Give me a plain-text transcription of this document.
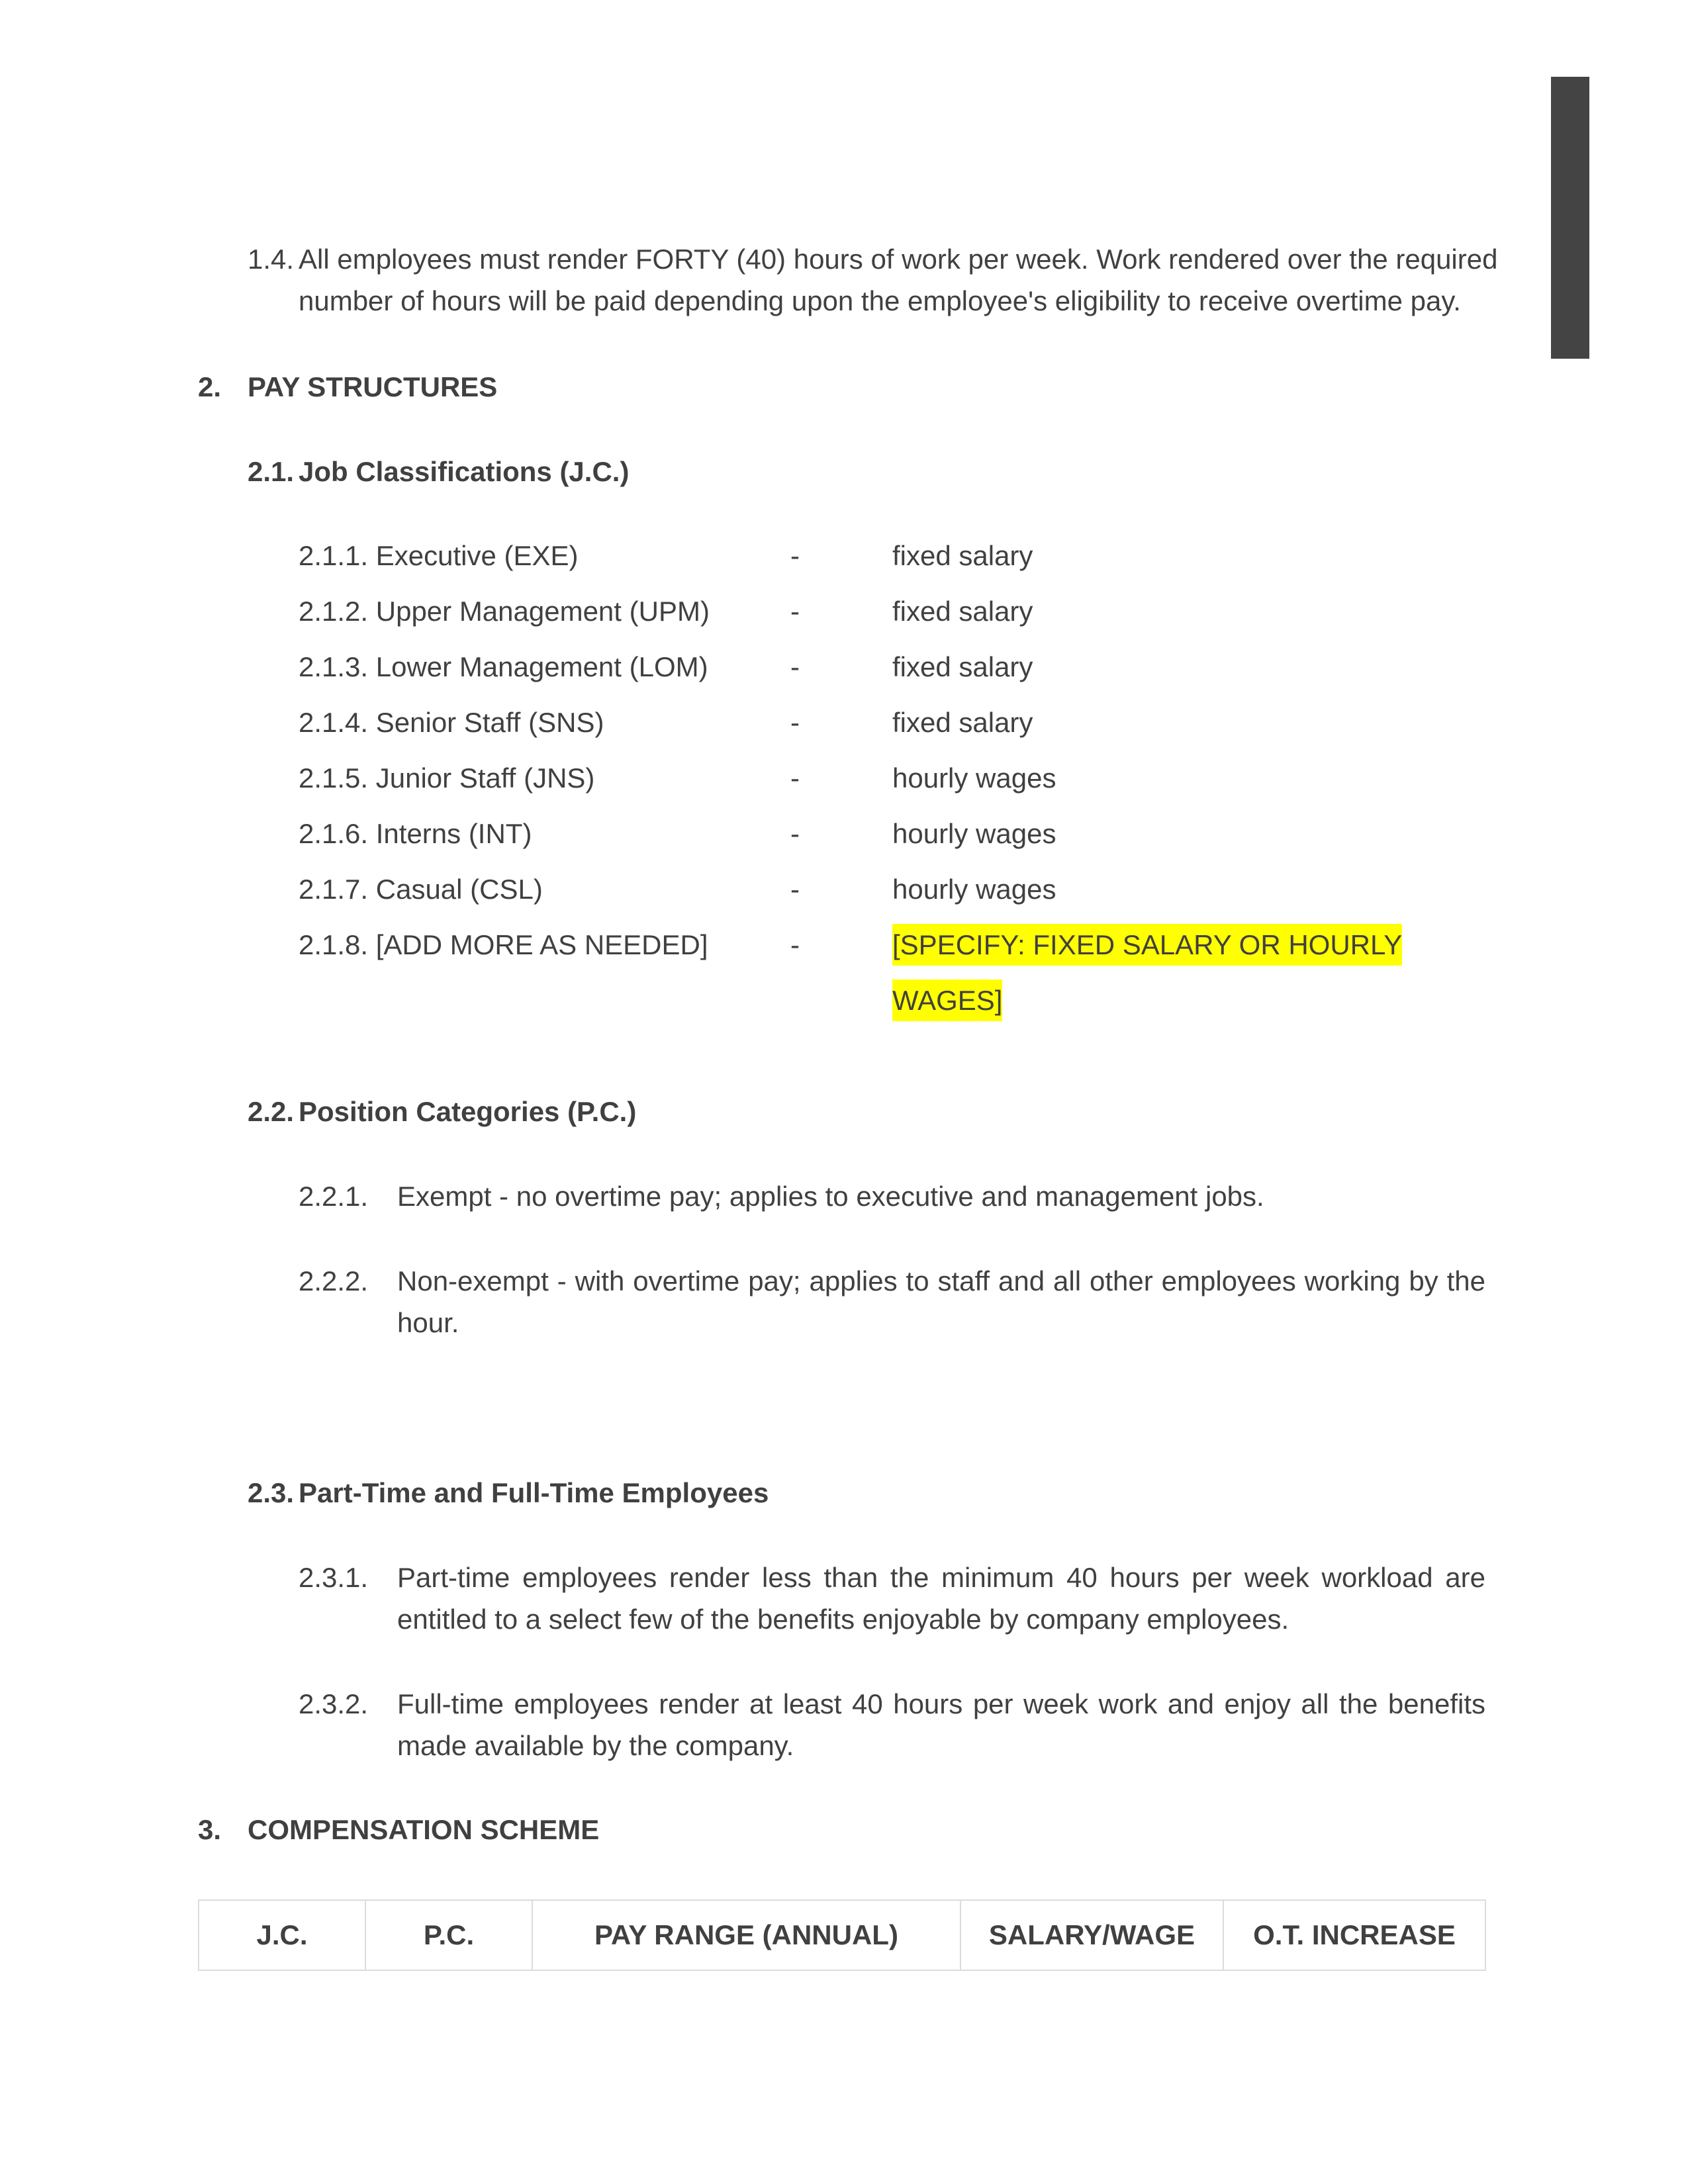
1.4. All employees must render FORTY (40) hours of work per week. Work rendered over the required
number of hours will be paid depending upon the employee's eligibility to receive overtime pay.
2. PAY STRUCTURES
2.1. Job Classifications (J.C.)
2.1.1. Executive (EXE)	-	fixed salary
2.1.2. Upper Management (UPM)	-	fixed salary
2.1.3. Lower Management (LOM)	-	fixed salary
2.1.4. Senior Staff (SNS)	-	fixed salary
2.1.5. Junior Staff (JNS)	-	hourly wages
2.1.6. Interns (INT)	-	hourly wages
2.1.7. Casual (CSL)	-	hourly wages
2.1.8. [ADD MORE AS NEEDED]	-	[SPECIFY: FIXED SALARY OR HOURLY
WAGES]
2.2. Position Categories (P.C.)
2.2.1. Exempt - no overtime pay; applies to executive and management jobs.
2.2.2. Non-exempt - with overtime pay; applies to staff and all other employees working by the hour.
2.3. Part-Time and Full-Time Employees
2.3.1. Part-time employees render less than the minimum 40 hours per week workload are entitled to a select few of the benefits enjoyable by company employees.
2.3.2. Full-time employees render at least 40 hours per week work and enjoy all the benefits made available by the company.
3. COMPENSATION SCHEME
J.C.	P.C.	PAY RANGE (ANNUAL)	SALARY/WAGE	O.T. INCREASE
